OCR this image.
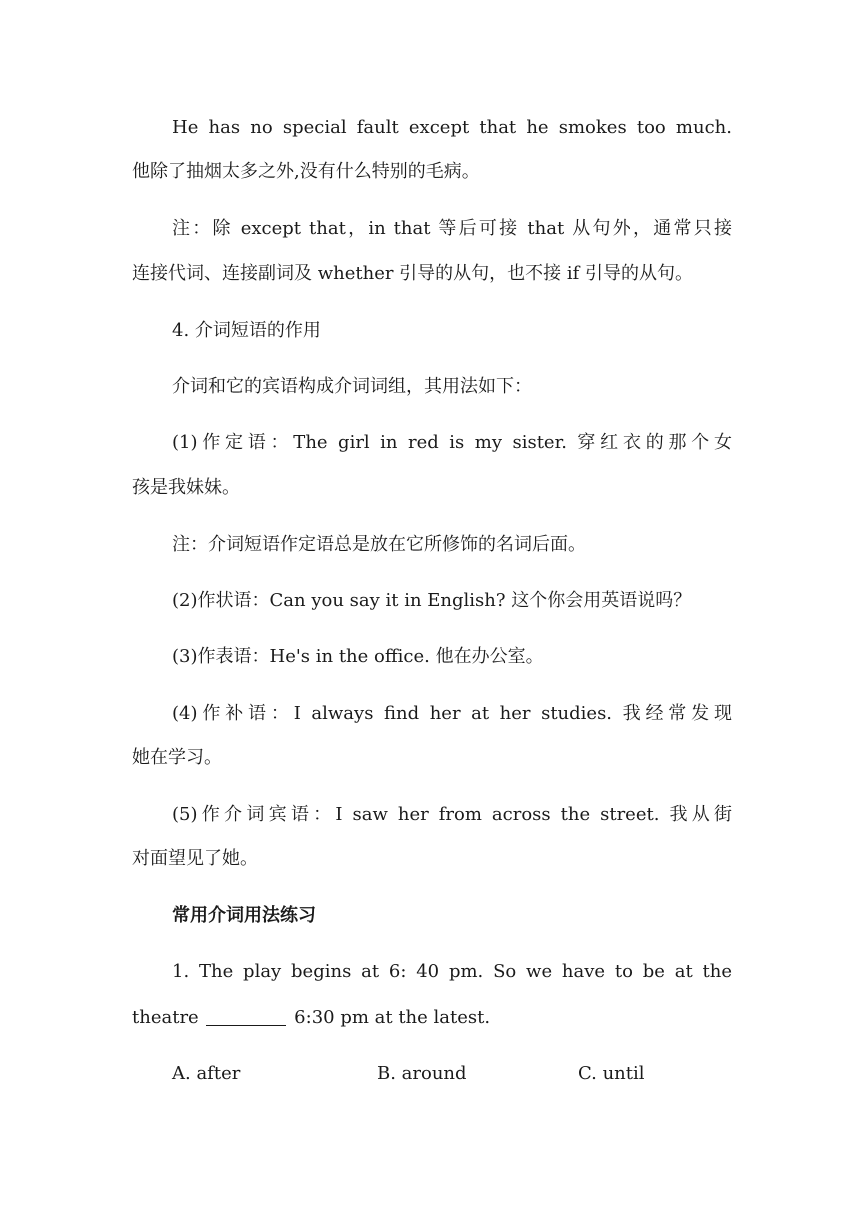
He has no special fault except that he smokes too much.
他除了抽烟太多之外,没有什么特别的毛病。
注：除 except that，in that 等后可接 that 从句外，通常只接
连接代词、连接副词及 whether 引导的从句，也不接 if 引导的从句。
4. 介词短语的作用
介词和它的宾语构成介词词组，其用法如下：
(1)作定语：The girl in red is my sister. 穿红衣的那个女
孩是我妹妹。
注：介词短语作定语总是放在它所修饰的名词后面。
(2)作状语：Can you say it in English? 这个你会用英语说吗？
(3)作表语：He's in the office. 他在办公室。
(4)作补语：I always find her at her studies. 我经常发现
她在学习。
(5)作介词宾语：I saw her from across the street. 我从街
对面望见了她。
常用介词用法练习
1. The play begins at 6: 40 pm. So we have to be at the
theatre	6:30 pm at the latest.
A. after	B. around	C. until
